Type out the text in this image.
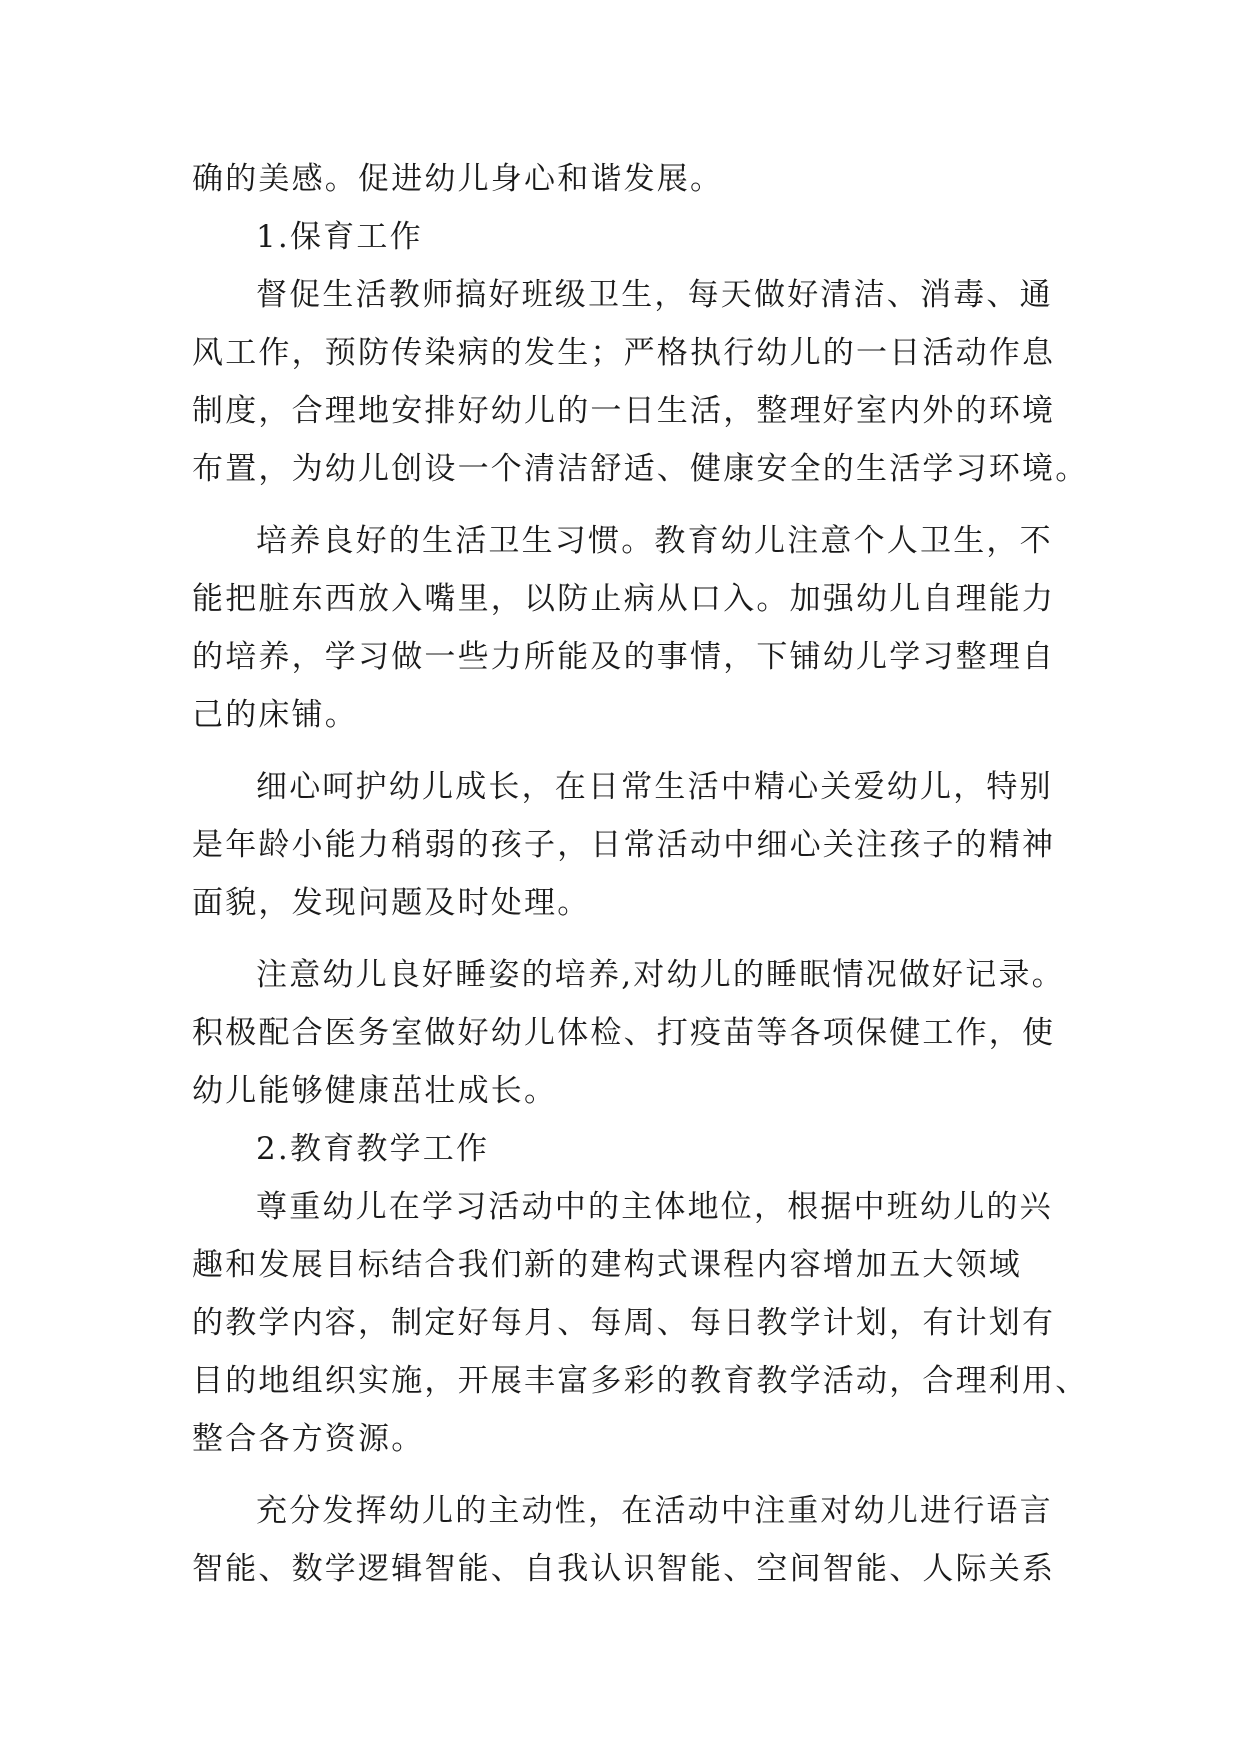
确的美感。促进幼儿身心和谐发展。
1.保育工作
督促生活教师搞好班级卫生，每天做好清洁、消毒、通
风工作，预防传染病的发生；严格执行幼儿的一日活动作息
制度，合理地安排好幼儿的一日生活，整理好室内外的环境
布置，为幼儿创设一个清洁舒适、健康安全的生活学习环境。
培养良好的生活卫生习惯。教育幼儿注意个人卫生，不
能把脏东西放入嘴里，以防止病从口入。加强幼儿自理能力
的培养，学习做一些力所能及的事情，下铺幼儿学习整理自
己的床铺。
细心呵护幼儿成长，在日常生活中精心关爱幼儿，特别
是年龄小能力稍弱的孩子，日常活动中细心关注孩子的精神
面貌，发现问题及时处理。
注意幼儿良好睡姿的培养,对幼儿的睡眠情况做好记录。
积极配合医务室做好幼儿体检、打疫苗等各项保健工作，使
幼儿能够健康茁壮成长。
2.教育教学工作
尊重幼儿在学习活动中的主体地位，根据中班幼儿的兴
趣和发展目标结合我们新的建构式课程内容增加五大领域
的教学内容，制定好每月、每周、每日教学计划，有计划有
目的地组织实施，开展丰富多彩的教育教学活动，合理利用、
整合各方资源。
充分发挥幼儿的主动性，在活动中注重对幼儿进行语言
智能、数学逻辑智能、自我认识智能、空间智能、人际关系
